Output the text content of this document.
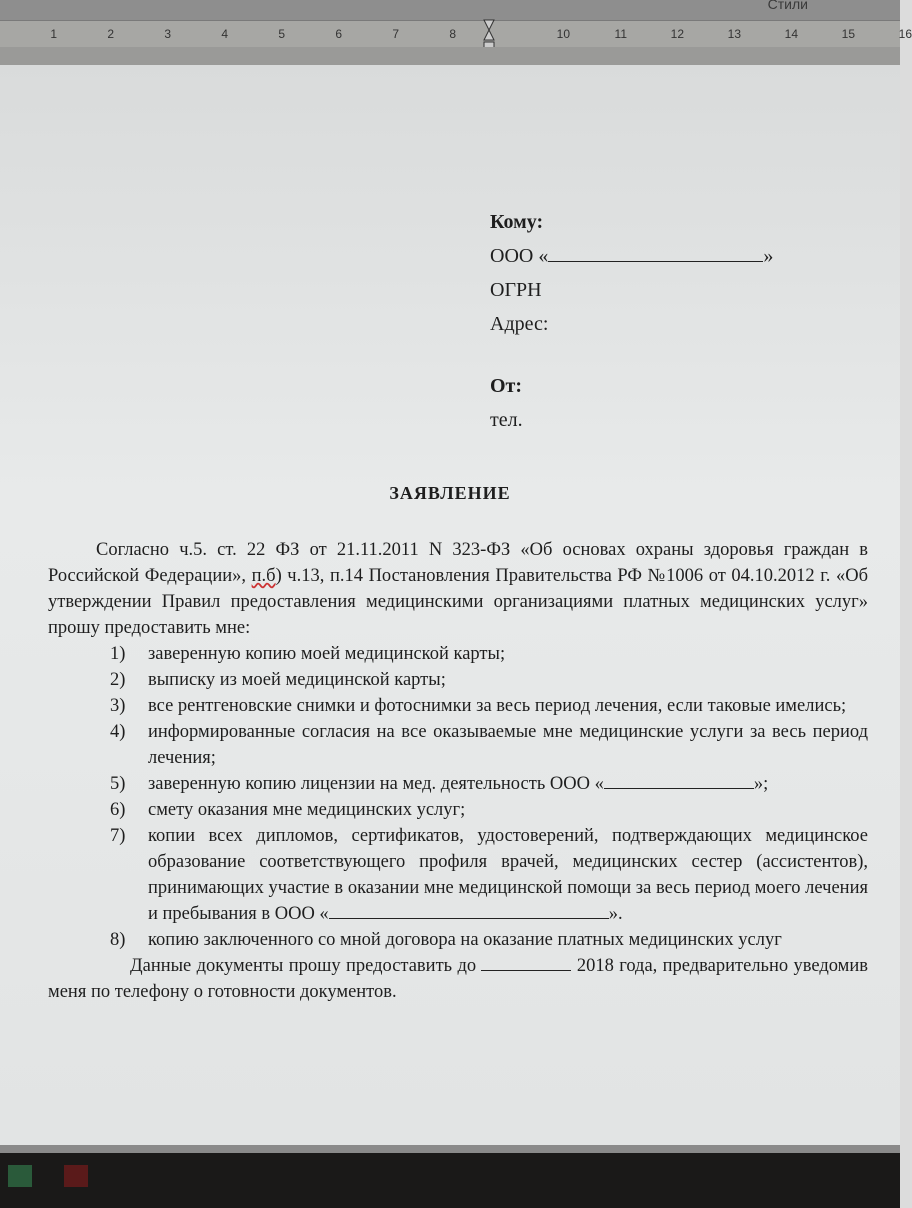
Стили
1	2	3	4	5	6	7	8	10	11	12	13	14	15	16
Кому:
ООО «	»
ОГРН
Адрес:
От:
тел.
ЗАЯВЛЕНИЕ

Согласно ч.5. ст. 22 ФЗ от 21.11.2011 N 323-ФЗ «Об основах охраны здоровья граждан в Российской Федерации», п.б) ч.13, п.14 Постановления Правительства РФ №1006 от 04.10.2012 г. «Об утверждении Правил предоставления медицинскими организациями платных медицинских услуг» прошу предоставить мне:

1) заверенную копию моей медицинской карты;
2) выписку из моей медицинской карты;
3) все рентгеновские снимки и фотоснимки за весь период лечения, если таковые имелись;
4) информированные согласия на все оказываемые мне медицинские услуги за весь период лечения;
5) заверенную копию лицензии на мед. деятельность ООО «	»;
6) смету оказания мне медицинских услуг;
7) копии всех дипломов, сертификатов, удостоверений, подтверждающих медицинское образование соответствующего профиля врачей, медицинских сестер (ассистентов), принимающих участие в оказании мне медицинской помощи за весь период моего лечения и пребывания в ООО «	».
8) копию заключенного со мной договора на оказание платных медицинских услуг

Данные документы прошу предоставить до	2018 года, предварительно уведомив меня по телефону о готовности документов.
